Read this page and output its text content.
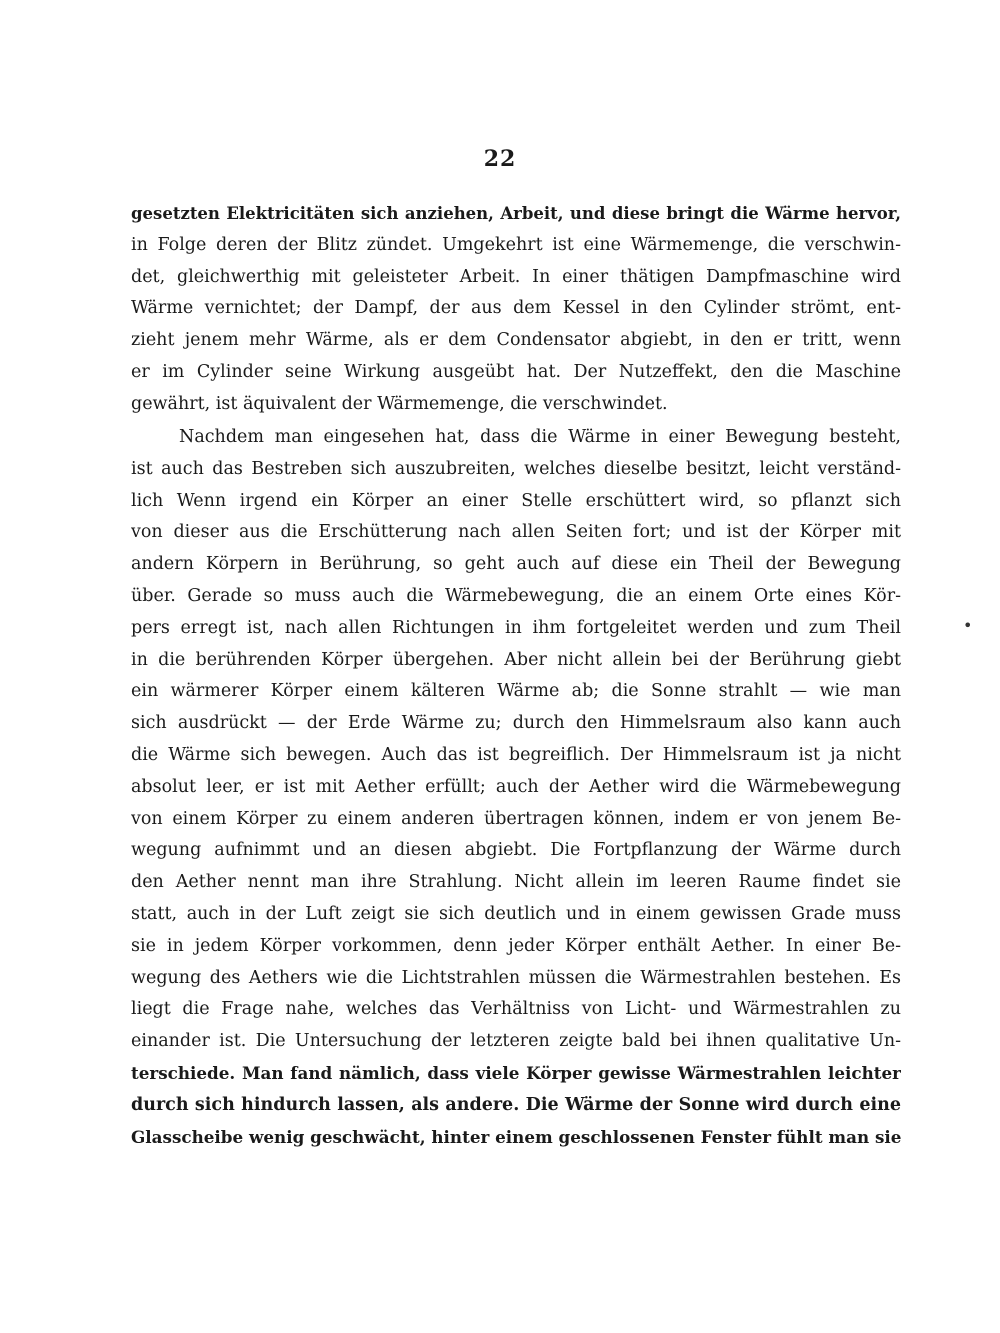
22
gesetzten Elektricitäten sich anziehen, Arbeit, und diese bringt die Wärme hervor,
in Folge deren der Blitz zündet. Umgekehrt ist eine Wärmemenge, die verschwin-
det, gleichwerthig mit geleisteter Arbeit. In einer thätigen Dampfmaschine wird
Wärme vernichtet; der Dampf, der aus dem Kessel in den Cylinder strömt, ent-
zieht jenem mehr Wärme, als er dem Condensator abgiebt, in den er tritt, wenn
er im Cylinder seine Wirkung ausgeübt hat. Der Nutzeffekt, den die Maschine
gewährt, ist äquivalent der Wärmemenge, die verschwindet.
Nachdem man eingesehen hat, dass die Wärme in einer Bewegung besteht,
ist auch das Bestreben sich auszubreiten, welches dieselbe besitzt, leicht verständ-
lich Wenn irgend ein Körper an einer Stelle erschüttert wird, so pflanzt sich
von dieser aus die Erschütterung nach allen Seiten fort; und ist der Körper mit
andern Körpern in Berührung, so geht auch auf diese ein Theil der Bewegung
über. Gerade so muss auch die Wärmebewegung, die an einem Orte eines Kör-
pers erregt ist, nach allen Richtungen in ihm fortgeleitet werden und zum Theil
in die berührenden Körper übergehen. Aber nicht allein bei der Berührung giebt
ein wärmerer Körper einem kälteren Wärme ab; die Sonne strahlt — wie man
sich ausdrückt — der Erde Wärme zu; durch den Himmelsraum also kann auch
die Wärme sich bewegen. Auch das ist begreiflich. Der Himmelsraum ist ja nicht
absolut leer, er ist mit Aether erfüllt; auch der Aether wird die Wärmebewegung
von einem Körper zu einem anderen übertragen können, indem er von jenem Be-
wegung aufnimmt und an diesen abgiebt. Die Fortpflanzung der Wärme durch
den Aether nennt man ihre Strahlung. Nicht allein im leeren Raume findet sie
statt, auch in der Luft zeigt sie sich deutlich und in einem gewissen Grade muss
sie in jedem Körper vorkommen, denn jeder Körper enthält Aether. In einer Be-
wegung des Aethers wie die Lichtstrahlen müssen die Wärmestrahlen bestehen. Es
liegt die Frage nahe, welches das Verhältniss von Licht- und Wärmestrahlen zu
einander ist. Die Untersuchung der letzteren zeigte bald bei ihnen qualitative Un-
terschiede. Man fand nämlich, dass viele Körper gewisse Wärmestrahlen leichter
durch sich hindurch lassen, als andere. Die Wärme der Sonne wird durch eine
Glasscheibe wenig geschwächt, hinter einem geschlossenen Fenster fühlt man sie
•
